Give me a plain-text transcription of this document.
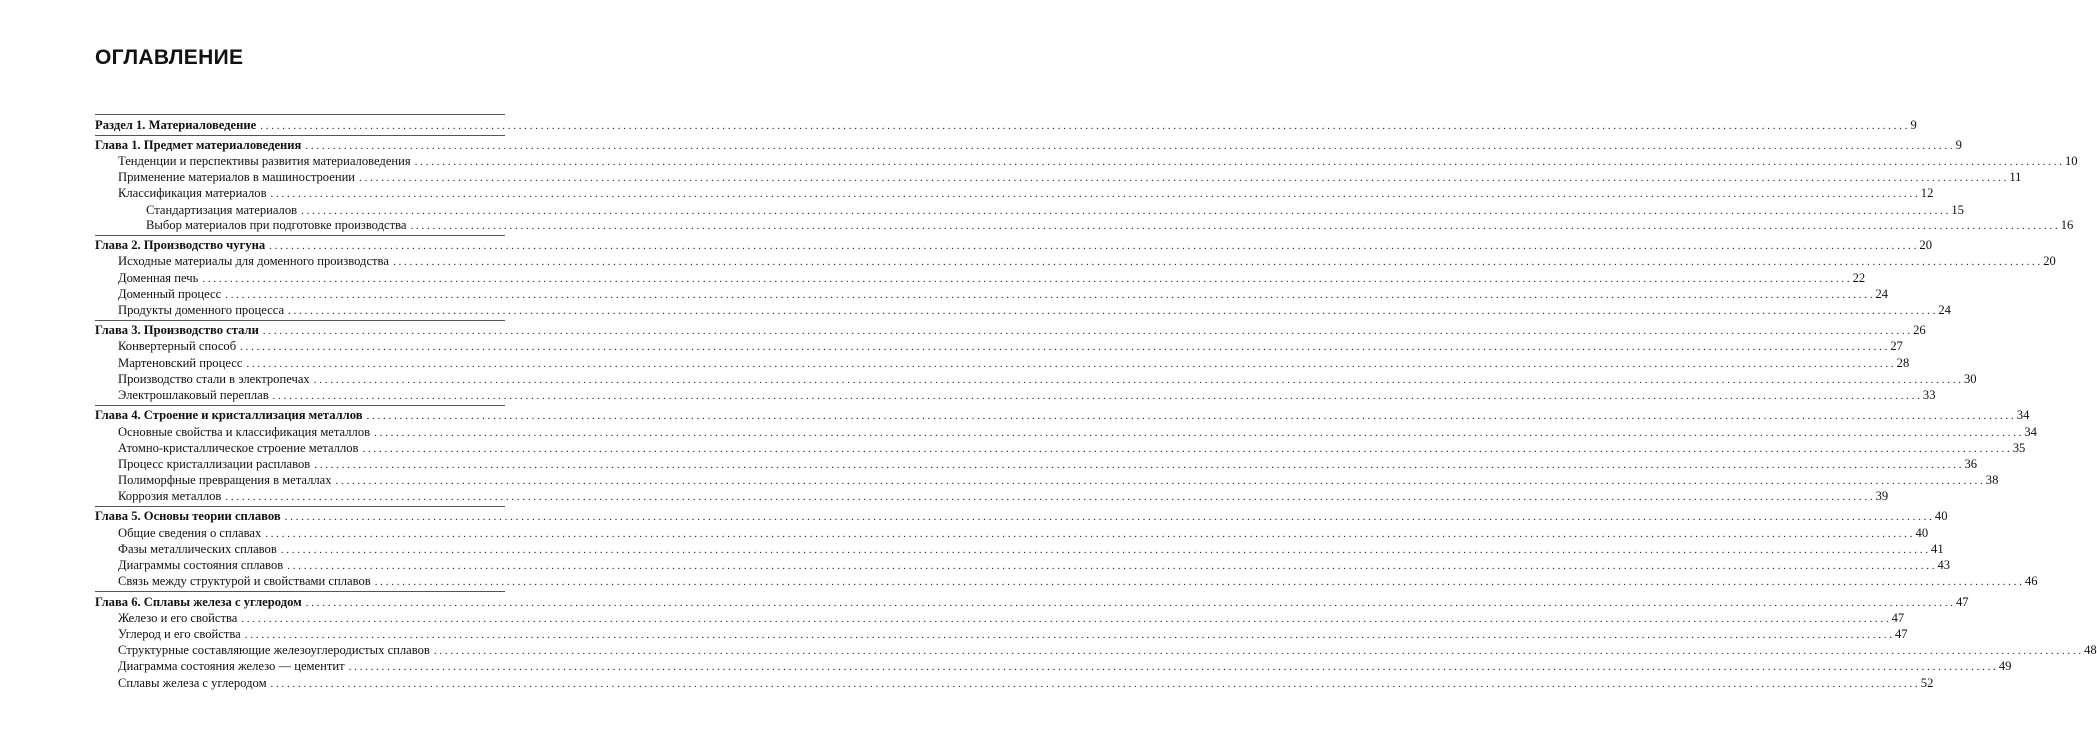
ОГЛАВЛЕНИЕ
Раздел 1. Материаловедение . . . . . . . . . . . . . . . . . . . . . . . . . . . . . . . . . . . . . . . . . . . . . . . . . . . . . . . . . . . . . . . . . . . . . . . . . . . . . . . . . . . . . . . . . . . . . . . . . . . . . . . . . . . . . . . . . . . . . . . . . . . . . . . . . . . . . . . . . . . . . . . . . . . . . . . . . . . . . . . . . . . . . . . . . . . . . . . . . . . . . . . . . . . . . . . . . . . . . . . . . . . . . . . . . . . . . . . . . . . . . . . . . . . . . . . . . . . . . . . . . . . . . . . . . . . . . . . . . . . . . . . . . . . . . . . . . . . . . . . . . . . . . . . . . . . . . . . . . . . . 9
Глава 1. Предмет материаловедения . . . . . . . . . . . . . . . . . . . . . . . . . . . . . . . . . . . . . . . . . . . . . . . . . . . . . . . . . . . . . . . . . . . . . . . . . . . . . . . . . . . . . . . . . . . . . . . . . . . . . . . . . . . . . . . . . . . . . . . . . . . . . . . . . . . . . . . . . . . . . . . . . . . . . . . . . . . . . . . . . . . . . . . . . . . . . . . . . . . . . . . . . . . . . . . . . . . . . . . . . . . . . . . . . . . . . . . . . . . . . . . . . . . . . . . . . . . . . . . . . . . . . . . . . . . . . . . . . . . . . . . . . . . . . . . . . . . . . . . . . . . . . . . . . . . . . . . . . . . . 9
Тенденции и перспективы развития материаловедения . . . . . . . . . . . . . . . . . . . . . . . . . . . . . . . . . . . . . . . . . . . . . . . . . . . . . . . . . . . . . . . . . . . . . . . . . . . . . . . . . . . . . . . . . . . . . . . . . . . . . . . . . . . . . . . . . . . . . . . . . . . . . . . . . . . . . . . . . . . . . . . . . . . . . . . . . . . . . . . . . . . . . . . . . . . . . . . . . . . . . . . . . . . . . . . . . . . . . . . . . . . . . . . . . . . . . . . . . . . . . . . . . . . . . . . . . . . . . . . . . . . . . . . . . . . . . . . . . . . . . . . . . . . . . . . . . . . . . . . . . . . . . . . . . . . . . . . . . . . . 10
Применение материалов в машиностроении . . . . . . . . . . . . . . . . . . . . . . . . . . . . . . . . . . . . . . . . . . . . . . . . . . . . . . . . . . . . . . . . . . . . . . . . . . . . . . . . . . . . . . . . . . . . . . . . . . . . . . . . . . . . . . . . . . . . . . . . . . . . . . . . . . . . . . . . . . . . . . . . . . . . . . . . . . . . . . . . . . . . . . . . . . . . . . . . . . . . . . . . . . . . . . . . . . . . . . . . . . . . . . . . . . . . . . . . . . . . . . . . . . . . . . . . . . . . . . . . . . . . . . . . . . . . . . . . . . . . . . . . . . . . . . . . . . . . . . . . . . . . . . . . . . . . . . . . . . . . 11
Классификация материалов . . . . . . . . . . . . . . . . . . . . . . . . . . . . . . . . . . . . . . . . . . . . . . . . . . . . . . . . . . . . . . . . . . . . . . . . . . . . . . . . . . . . . . . . . . . . . . . . . . . . . . . . . . . . . . . . . . . . . . . . . . . . . . . . . . . . . . . . . . . . . . . . . . . . . . . . . . . . . . . . . . . . . . . . . . . . . . . . . . . . . . . . . . . . . . . . . . . . . . . . . . . . . . . . . . . . . . . . . . . . . . . . . . . . . . . . . . . . . . . . . . . . . . . . . . . . . . . . . . . . . . . . . . . . . . . . . . . . . . . . . . . . . . . . . . . . . . . . . . . . 12
Стандартизация материалов . . . . . . . . . . . . . . . . . . . . . . . . . . . . . . . . . . . . . . . . . . . . . . . . . . . . . . . . . . . . . . . . . . . . . . . . . . . . . . . . . . . . . . . . . . . . . . . . . . . . . . . . . . . . . . . . . . . . . . . . . . . . . . . . . . . . . . . . . . . . . . . . . . . . . . . . . . . . . . . . . . . . . . . . . . . . . . . . . . . . . . . . . . . . . . . . . . . . . . . . . . . . . . . . . . . . . . . . . . . . . . . . . . . . . . . . . . . . . . . . . . . . . . . . . . . . . . . . . . . . . . . . . . . . . . . . . . . . . . . . . . . . . . . . . . . . . . . . . . . . 15
Выбор материалов при подготовке производства . . . . . . . . . . . . . . . . . . . . . . . . . . . . . . . . . . . . . . . . . . . . . . . . . . . . . . . . . . . . . . . . . . . . . . . . . . . . . . . . . . . . . . . . . . . . . . . . . . . . . . . . . . . . . . . . . . . . . . . . . . . . . . . . . . . . . . . . . . . . . . . . . . . . . . . . . . . . . . . . . . . . . . . . . . . . . . . . . . . . . . . . . . . . . . . . . . . . . . . . . . . . . . . . . . . . . . . . . . . . . . . . . . . . . . . . . . . . . . . . . . . . . . . . . . . . . . . . . . . . . . . . . . . . . . . . . . . . . . . . . . . . . . . . . . . . . . . . . . . . 16
Глава 2. Производство чугуна . . . . . . . . . . . . . . . . . . . . . . . . . . . . . . . . . . . . . . . . . . . . . . . . . . . . . . . . . . . . . . . . . . . . . . . . . . . . . . . . . . . . . . . . . . . . . . . . . . . . . . . . . . . . . . . . . . . . . . . . . . . . . . . . . . . . . . . . . . . . . . . . . . . . . . . . . . . . . . . . . . . . . . . . . . . . . . . . . . . . . . . . . . . . . . . . . . . . . . . . . . . . . . . . . . . . . . . . . . . . . . . . . . . . . . . . . . . . . . . . . . . . . . . . . . . . . . . . . . . . . . . . . . . . . . . . . . . . . . . . . . . . . . . . . . . . . . . . . . . . 20
Исходные материалы для доменного производства . . . . . . . . . . . . . . . . . . . . . . . . . . . . . . . . . . . . . . . . . . . . . . . . . . . . . . . . . . . . . . . . . . . . . . . . . . . . . . . . . . . . . . . . . . . . . . . . . . . . . . . . . . . . . . . . . . . . . . . . . . . . . . . . . . . . . . . . . . . . . . . . . . . . . . . . . . . . . . . . . . . . . . . . . . . . . . . . . . . . . . . . . . . . . . . . . . . . . . . . . . . . . . . . . . . . . . . . . . . . . . . . . . . . . . . . . . . . . . . . . . . . . . . . . . . . . . . . . . . . . . . . . . . . . . . . . . . . . . . . . . . . . . . . . . . . . . . . . . . . 20
Доменная печь . . . . . . . . . . . . . . . . . . . . . . . . . . . . . . . . . . . . . . . . . . . . . . . . . . . . . . . . . . . . . . . . . . . . . . . . . . . . . . . . . . . . . . . . . . . . . . . . . . . . . . . . . . . . . . . . . . . . . . . . . . . . . . . . . . . . . . . . . . . . . . . . . . . . . . . . . . . . . . . . . . . . . . . . . . . . . . . . . . . . . . . . . . . . . . . . . . . . . . . . . . . . . . . . . . . . . . . . . . . . . . . . . . . . . . . . . . . . . . . . . . . . . . . . . . . . . . . . . . . . . . . . . . . . . . . . . . . . . . . . . . . . . . . . . . . . . . . . . . . . 22
Доменный процесс . . . . . . . . . . . . . . . . . . . . . . . . . . . . . . . . . . . . . . . . . . . . . . . . . . . . . . . . . . . . . . . . . . . . . . . . . . . . . . . . . . . . . . . . . . . . . . . . . . . . . . . . . . . . . . . . . . . . . . . . . . . . . . . . . . . . . . . . . . . . . . . . . . . . . . . . . . . . . . . . . . . . . . . . . . . . . . . . . . . . . . . . . . . . . . . . . . . . . . . . . . . . . . . . . . . . . . . . . . . . . . . . . . . . . . . . . . . . . . . . . . . . . . . . . . . . . . . . . . . . . . . . . . . . . . . . . . . . . . . . . . . . . . . . . . . . . . . . . . . . 24
Продукты доменного процесса . . . . . . . . . . . . . . . . . . . . . . . . . . . . . . . . . . . . . . . . . . . . . . . . . . . . . . . . . . . . . . . . . . . . . . . . . . . . . . . . . . . . . . . . . . . . . . . . . . . . . . . . . . . . . . . . . . . . . . . . . . . . . . . . . . . . . . . . . . . . . . . . . . . . . . . . . . . . . . . . . . . . . . . . . . . . . . . . . . . . . . . . . . . . . . . . . . . . . . . . . . . . . . . . . . . . . . . . . . . . . . . . . . . . . . . . . . . . . . . . . . . . . . . . . . . . . . . . . . . . . . . . . . . . . . . . . . . . . . . . . . . . . . . . . . . . . . . . . . . . 24
Глава 3. Производство стали . . . . . . . . . . . . . . . . . . . . . . . . . . . . . . . . . . . . . . . . . . . . . . . . . . . . . . . . . . . . . . . . . . . . . . . . . . . . . . . . . . . . . . . . . . . . . . . . . . . . . . . . . . . . . . . . . . . . . . . . . . . . . . . . . . . . . . . . . . . . . . . . . . . . . . . . . . . . . . . . . . . . . . . . . . . . . . . . . . . . . . . . . . . . . . . . . . . . . . . . . . . . . . . . . . . . . . . . . . . . . . . . . . . . . . . . . . . . . . . . . . . . . . . . . . . . . . . . . . . . . . . . . . . . . . . . . . . . . . . . . . . . . . . . . . . . . . . . . . . . 26
Конвертерный способ . . . . . . . . . . . . . . . . . . . . . . . . . . . . . . . . . . . . . . . . . . . . . . . . . . . . . . . . . . . . . . . . . . . . . . . . . . . . . . . . . . . . . . . . . . . . . . . . . . . . . . . . . . . . . . . . . . . . . . . . . . . . . . . . . . . . . . . . . . . . . . . . . . . . . . . . . . . . . . . . . . . . . . . . . . . . . . . . . . . . . . . . . . . . . . . . . . . . . . . . . . . . . . . . . . . . . . . . . . . . . . . . . . . . . . . . . . . . . . . . . . . . . . . . . . . . . . . . . . . . . . . . . . . . . . . . . . . . . . . . . . . . . . . . . . . . . . . . . . . . 27
Мартеновский процесс . . . . . . . . . . . . . . . . . . . . . . . . . . . . . . . . . . . . . . . . . . . . . . . . . . . . . . . . . . . . . . . . . . . . . . . . . . . . . . . . . . . . . . . . . . . . . . . . . . . . . . . . . . . . . . . . . . . . . . . . . . . . . . . . . . . . . . . . . . . . . . . . . . . . . . . . . . . . . . . . . . . . . . . . . . . . . . . . . . . . . . . . . . . . . . . . . . . . . . . . . . . . . . . . . . . . . . . . . . . . . . . . . . . . . . . . . . . . . . . . . . . . . . . . . . . . . . . . . . . . . . . . . . . . . . . . . . . . . . . . . . . . . . . . . . . . . . . . . . . . 28
Производство стали в электропечах . . . . . . . . . . . . . . . . . . . . . . . . . . . . . . . . . . . . . . . . . . . . . . . . . . . . . . . . . . . . . . . . . . . . . . . . . . . . . . . . . . . . . . . . . . . . . . . . . . . . . . . . . . . . . . . . . . . . . . . . . . . . . . . . . . . . . . . . . . . . . . . . . . . . . . . . . . . . . . . . . . . . . . . . . . . . . . . . . . . . . . . . . . . . . . . . . . . . . . . . . . . . . . . . . . . . . . . . . . . . . . . . . . . . . . . . . . . . . . . . . . . . . . . . . . . . . . . . . . . . . . . . . . . . . . . . . . . . . . . . . . . . . . . . . . . . . . . . . . . . 30
Электрошлаковый переплав . . . . . . . . . . . . . . . . . . . . . . . . . . . . . . . . . . . . . . . . . . . . . . . . . . . . . . . . . . . . . . . . . . . . . . . . . . . . . . . . . . . . . . . . . . . . . . . . . . . . . . . . . . . . . . . . . . . . . . . . . . . . . . . . . . . . . . . . . . . . . . . . . . . . . . . . . . . . . . . . . . . . . . . . . . . . . . . . . . . . . . . . . . . . . . . . . . . . . . . . . . . . . . . . . . . . . . . . . . . . . . . . . . . . . . . . . . . . . . . . . . . . . . . . . . . . . . . . . . . . . . . . . . . . . . . . . . . . . . . . . . . . . . . . . . . . . . . . . . . . 33
Глава 4. Строение и кристаллизация металлов . . . . . . . . . . . . . . . . . . . . . . . . . . . . . . . . . . . . . . . . . . . . . . . . . . . . . . . . . . . . . . . . . . . . . . . . . . . . . . . . . . . . . . . . . . . . . . . . . . . . . . . . . . . . . . . . . . . . . . . . . . . . . . . . . . . . . . . . . . . . . . . . . . . . . . . . . . . . . . . . . . . . . . . . . . . . . . . . . . . . . . . . . . . . . . . . . . . . . . . . . . . . . . . . . . . . . . . . . . . . . . . . . . . . . . . . . . . . . . . . . . . . . . . . . . . . . . . . . . . . . . . . . . . . . . . . . . . . . . . . . . . . . . . . . . . . . . . . . . . . 34
Основные свойства и классификация металлов . . . . . . . . . . . . . . . . . . . . . . . . . . . . . . . . . . . . . . . . . . . . . . . . . . . . . . . . . . . . . . . . . . . . . . . . . . . . . . . . . . . . . . . . . . . . . . . . . . . . . . . . . . . . . . . . . . . . . . . . . . . . . . . . . . . . . . . . . . . . . . . . . . . . . . . . . . . . . . . . . . . . . . . . . . . . . . . . . . . . . . . . . . . . . . . . . . . . . . . . . . . . . . . . . . . . . . . . . . . . . . . . . . . . . . . . . . . . . . . . . . . . . . . . . . . . . . . . . . . . . . . . . . . . . . . . . . . . . . . . . . . . . . . . . . . . . . . . . . . . 34
Атомно-кристаллическое строение металлов . . . . . . . . . . . . . . . . . . . . . . . . . . . . . . . . . . . . . . . . . . . . . . . . . . . . . . . . . . . . . . . . . . . . . . . . . . . . . . . . . . . . . . . . . . . . . . . . . . . . . . . . . . . . . . . . . . . . . . . . . . . . . . . . . . . . . . . . . . . . . . . . . . . . . . . . . . . . . . . . . . . . . . . . . . . . . . . . . . . . . . . . . . . . . . . . . . . . . . . . . . . . . . . . . . . . . . . . . . . . . . . . . . . . . . . . . . . . . . . . . . . . . . . . . . . . . . . . . . . . . . . . . . . . . . . . . . . . . . . . . . . . . . . . . . . . . . . . . . . . 35
Процесс кристаллизации расплавов . . . . . . . . . . . . . . . . . . . . . . . . . . . . . . . . . . . . . . . . . . . . . . . . . . . . . . . . . . . . . . . . . . . . . . . . . . . . . . . . . . . . . . . . . . . . . . . . . . . . . . . . . . . . . . . . . . . . . . . . . . . . . . . . . . . . . . . . . . . . . . . . . . . . . . . . . . . . . . . . . . . . . . . . . . . . . . . . . . . . . . . . . . . . . . . . . . . . . . . . . . . . . . . . . . . . . . . . . . . . . . . . . . . . . . . . . . . . . . . . . . . . . . . . . . . . . . . . . . . . . . . . . . . . . . . . . . . . . . . . . . . . . . . . . . . . . . . . . . . . 36
Полиморфные превращения в металлах . . . . . . . . . . . . . . . . . . . . . . . . . . . . . . . . . . . . . . . . . . . . . . . . . . . . . . . . . . . . . . . . . . . . . . . . . . . . . . . . . . . . . . . . . . . . . . . . . . . . . . . . . . . . . . . . . . . . . . . . . . . . . . . . . . . . . . . . . . . . . . . . . . . . . . . . . . . . . . . . . . . . . . . . . . . . . . . . . . . . . . . . . . . . . . . . . . . . . . . . . . . . . . . . . . . . . . . . . . . . . . . . . . . . . . . . . . . . . . . . . . . . . . . . . . . . . . . . . . . . . . . . . . . . . . . . . . . . . . . . . . . . . . . . . . . . . . . . . . . . 38
Коррозия металлов . . . . . . . . . . . . . . . . . . . . . . . . . . . . . . . . . . . . . . . . . . . . . . . . . . . . . . . . . . . . . . . . . . . . . . . . . . . . . . . . . . . . . . . . . . . . . . . . . . . . . . . . . . . . . . . . . . . . . . . . . . . . . . . . . . . . . . . . . . . . . . . . . . . . . . . . . . . . . . . . . . . . . . . . . . . . . . . . . . . . . . . . . . . . . . . . . . . . . . . . . . . . . . . . . . . . . . . . . . . . . . . . . . . . . . . . . . . . . . . . . . . . . . . . . . . . . . . . . . . . . . . . . . . . . . . . . . . . . . . . . . . . . . . . . . . . . . . . . . . . 39
Глава 5. Основы теории сплавов . . . . . . . . . . . . . . . . . . . . . . . . . . . . . . . . . . . . . . . . . . . . . . . . . . . . . . . . . . . . . . . . . . . . . . . . . . . . . . . . . . . . . . . . . . . . . . . . . . . . . . . . . . . . . . . . . . . . . . . . . . . . . . . . . . . . . . . . . . . . . . . . . . . . . . . . . . . . . . . . . . . . . . . . . . . . . . . . . . . . . . . . . . . . . . . . . . . . . . . . . . . . . . . . . . . . . . . . . . . . . . . . . . . . . . . . . . . . . . . . . . . . . . . . . . . . . . . . . . . . . . . . . . . . . . . . . . . . . . . . . . . . . . . . . . . . . . . . . . . . 40
Общие сведения о сплавах . . . . . . . . . . . . . . . . . . . . . . . . . . . . . . . . . . . . . . . . . . . . . . . . . . . . . . . . . . . . . . . . . . . . . . . . . . . . . . . . . . . . . . . . . . . . . . . . . . . . . . . . . . . . . . . . . . . . . . . . . . . . . . . . . . . . . . . . . . . . . . . . . . . . . . . . . . . . . . . . . . . . . . . . . . . . . . . . . . . . . . . . . . . . . . . . . . . . . . . . . . . . . . . . . . . . . . . . . . . . . . . . . . . . . . . . . . . . . . . . . . . . . . . . . . . . . . . . . . . . . . . . . . . . . . . . . . . . . . . . . . . . . . . . . . . . . . . . . . . . 40
Фазы металлических сплавов . . . . . . . . . . . . . . . . . . . . . . . . . . . . . . . . . . . . . . . . . . . . . . . . . . . . . . . . . . . . . . . . . . . . . . . . . . . . . . . . . . . . . . . . . . . . . . . . . . . . . . . . . . . . . . . . . . . . . . . . . . . . . . . . . . . . . . . . . . . . . . . . . . . . . . . . . . . . . . . . . . . . . . . . . . . . . . . . . . . . . . . . . . . . . . . . . . . . . . . . . . . . . . . . . . . . . . . . . . . . . . . . . . . . . . . . . . . . . . . . . . . . . . . . . . . . . . . . . . . . . . . . . . . . . . . . . . . . . . . . . . . . . . . . . . . . . . . . . . . . 41
Диаграммы состояния сплавов . . . . . . . . . . . . . . . . . . . . . . . . . . . . . . . . . . . . . . . . . . . . . . . . . . . . . . . . . . . . . . . . . . . . . . . . . . . . . . . . . . . . . . . . . . . . . . . . . . . . . . . . . . . . . . . . . . . . . . . . . . . . . . . . . . . . . . . . . . . . . . . . . . . . . . . . . . . . . . . . . . . . . . . . . . . . . . . . . . . . . . . . . . . . . . . . . . . . . . . . . . . . . . . . . . . . . . . . . . . . . . . . . . . . . . . . . . . . . . . . . . . . . . . . . . . . . . . . . . . . . . . . . . . . . . . . . . . . . . . . . . . . . . . . . . . . . . . . . . . . 43
Связь между структурой и свойствами сплавов . . . . . . . . . . . . . . . . . . . . . . . . . . . . . . . . . . . . . . . . . . . . . . . . . . . . . . . . . . . . . . . . . . . . . . . . . . . . . . . . . . . . . . . . . . . . . . . . . . . . . . . . . . . . . . . . . . . . . . . . . . . . . . . . . . . . . . . . . . . . . . . . . . . . . . . . . . . . . . . . . . . . . . . . . . . . . . . . . . . . . . . . . . . . . . . . . . . . . . . . . . . . . . . . . . . . . . . . . . . . . . . . . . . . . . . . . . . . . . . . . . . . . . . . . . . . . . . . . . . . . . . . . . . . . . . . . . . . . . . . . . . . . . . . . . . . . . . . . . . . 46
Глава 6. Сплавы железа с углеродом . . . . . . . . . . . . . . . . . . . . . . . . . . . . . . . . . . . . . . . . . . . . . . . . . . . . . . . . . . . . . . . . . . . . . . . . . . . . . . . . . . . . . . . . . . . . . . . . . . . . . . . . . . . . . . . . . . . . . . . . . . . . . . . . . . . . . . . . . . . . . . . . . . . . . . . . . . . . . . . . . . . . . . . . . . . . . . . . . . . . . . . . . . . . . . . . . . . . . . . . . . . . . . . . . . . . . . . . . . . . . . . . . . . . . . . . . . . . . . . . . . . . . . . . . . . . . . . . . . . . . . . . . . . . . . . . . . . . . . . . . . . . . . . . . . . . . . . . . . . . 47
Железо и его свойства . . . . . . . . . . . . . . . . . . . . . . . . . . . . . . . . . . . . . . . . . . . . . . . . . . . . . . . . . . . . . . . . . . . . . . . . . . . . . . . . . . . . . . . . . . . . . . . . . . . . . . . . . . . . . . . . . . . . . . . . . . . . . . . . . . . . . . . . . . . . . . . . . . . . . . . . . . . . . . . . . . . . . . . . . . . . . . . . . . . . . . . . . . . . . . . . . . . . . . . . . . . . . . . . . . . . . . . . . . . . . . . . . . . . . . . . . . . . . . . . . . . . . . . . . . . . . . . . . . . . . . . . . . . . . . . . . . . . . . . . . . . . . . . . . . . . . . . . . . . . 47
Углерод и его свойства . . . . . . . . . . . . . . . . . . . . . . . . . . . . . . . . . . . . . . . . . . . . . . . . . . . . . . . . . . . . . . . . . . . . . . . . . . . . . . . . . . . . . . . . . . . . . . . . . . . . . . . . . . . . . . . . . . . . . . . . . . . . . . . . . . . . . . . . . . . . . . . . . . . . . . . . . . . . . . . . . . . . . . . . . . . . . . . . . . . . . . . . . . . . . . . . . . . . . . . . . . . . . . . . . . . . . . . . . . . . . . . . . . . . . . . . . . . . . . . . . . . . . . . . . . . . . . . . . . . . . . . . . . . . . . . . . . . . . . . . . . . . . . . . . . . . . . . . . . . . 47
Структурные составляющие железоуглеродистых сплавов . . . . . . . . . . . . . . . . . . . . . . . . . . . . . . . . . . . . . . . . . . . . . . . . . . . . . . . . . . . . . . . . . . . . . . . . . . . . . . . . . . . . . . . . . . . . . . . . . . . . . . . . . . . . . . . . . . . . . . . . . . . . . . . . . . . . . . . . . . . . . . . . . . . . . . . . . . . . . . . . . . . . . . . . . . . . . . . . . . . . . . . . . . . . . . . . . . . . . . . . . . . . . . . . . . . . . . . . . . . . . . . . . . . . . . . . . . . . . . . . . . . . . . . . . . . . . . . . . . . . . . . . . . . . . . . . . . . . . . . . . . . . . . . . . . . . . . . . . . . . 48
Диаграмма состояния железо — цементит . . . . . . . . . . . . . . . . . . . . . . . . . . . . . . . . . . . . . . . . . . . . . . . . . . . . . . . . . . . . . . . . . . . . . . . . . . . . . . . . . . . . . . . . . . . . . . . . . . . . . . . . . . . . . . . . . . . . . . . . . . . . . . . . . . . . . . . . . . . . . . . . . . . . . . . . . . . . . . . . . . . . . . . . . . . . . . . . . . . . . . . . . . . . . . . . . . . . . . . . . . . . . . . . . . . . . . . . . . . . . . . . . . . . . . . . . . . . . . . . . . . . . . . . . . . . . . . . . . . . . . . . . . . . . . . . . . . . . . . . . . . . . . . . . . . . . . . . . . . . 49
Сплавы железа с углеродом . . . . . . . . . . . . . . . . . . . . . . . . . . . . . . . . . . . . . . . . . . . . . . . . . . . . . . . . . . . . . . . . . . . . . . . . . . . . . . . . . . . . . . . . . . . . . . . . . . . . . . . . . . . . . . . . . . . . . . . . . . . . . . . . . . . . . . . . . . . . . . . . . . . . . . . . . . . . . . . . . . . . . . . . . . . . . . . . . . . . . . . . . . . . . . . . . . . . . . . . . . . . . . . . . . . . . . . . . . . . . . . . . . . . . . . . . . . . . . . . . . . . . . . . . . . . . . . . . . . . . . . . . . . . . . . . . . . . . . . . . . . . . . . . . . . . . . . . . . . . 52
